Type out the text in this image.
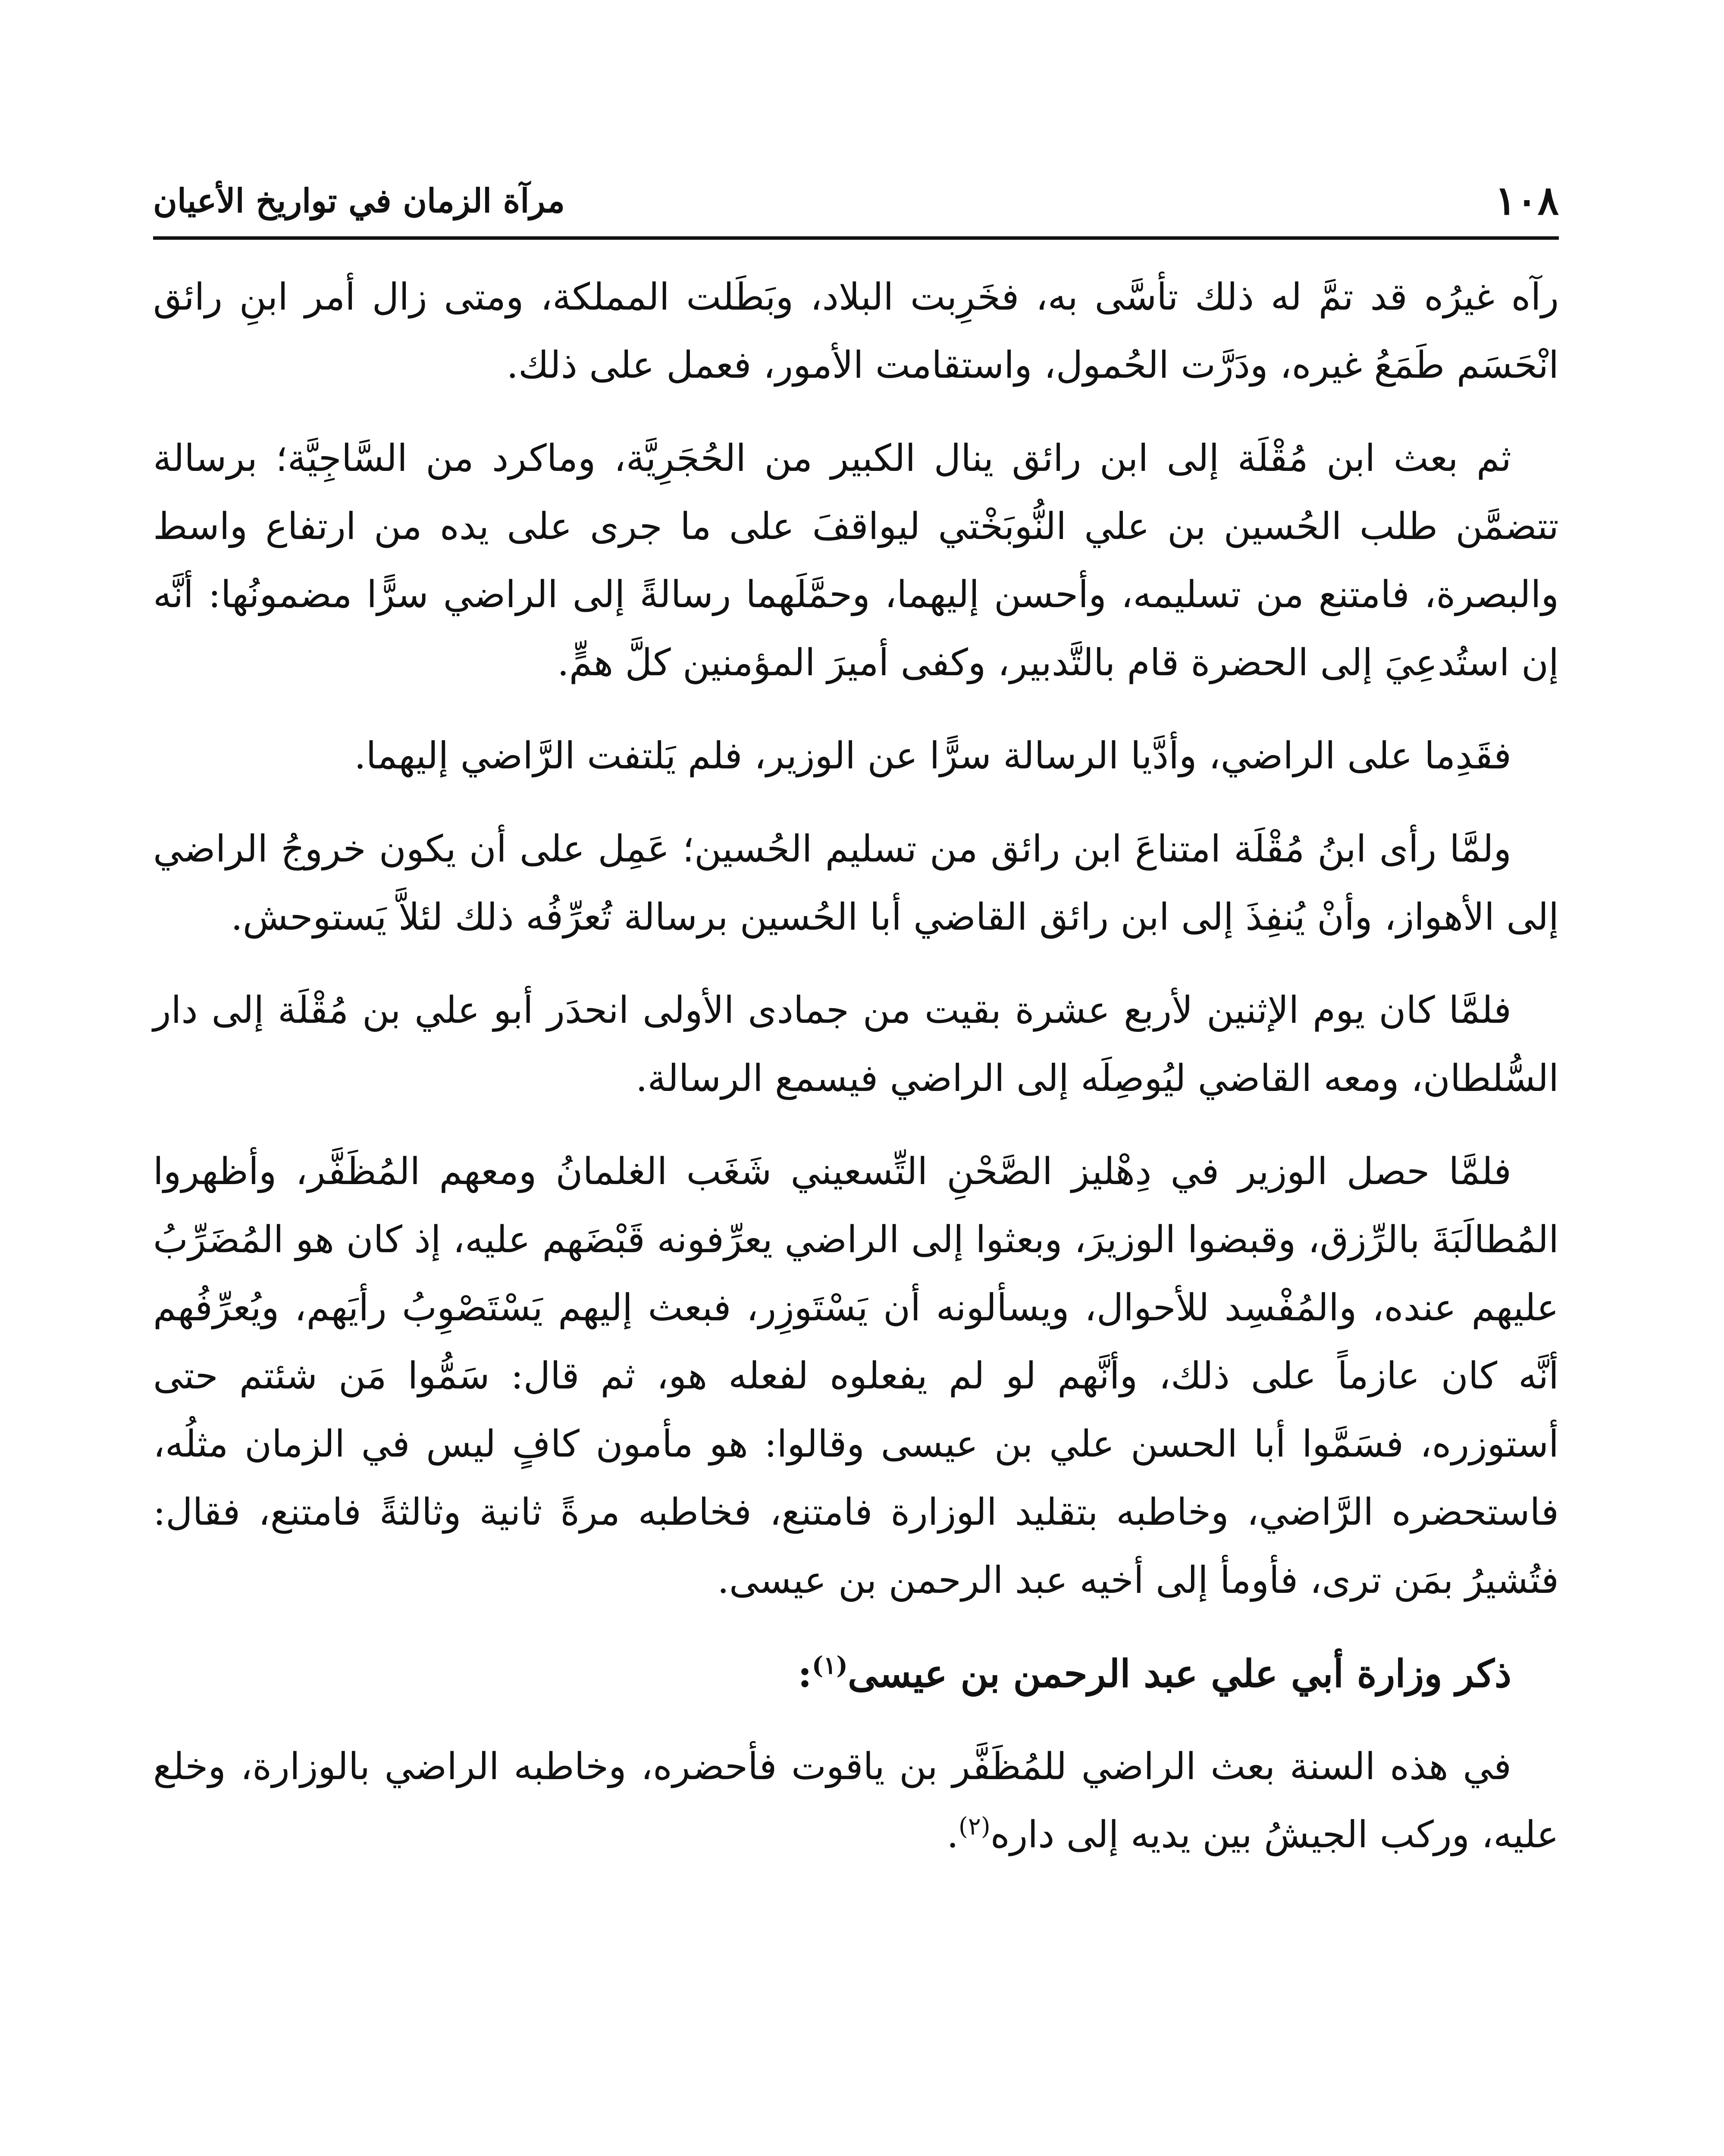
١٠٨
مرآة الزمان في تواريخ الأعيان

رآه غيرُه قد تمَّ له ذلك تأسَّى به، فخَرِبت البلاد، وبَطَلت المملكة، ومتى زال أمر ابنِ رائق انْحَسَم طَمَعُ غيره، ودَرَّت الحُمول، واستقامت الأمور، فعمل على ذلك.

ثم بعث ابن مُقْلَة إلى ابن رائق ينال الكبير من الحُجَرِيَّة، وماكرد من السَّاجِيَّة؛ برسالة تتضمَّن طلب الحُسين بن علي النُّوبَخْتي ليواقفَ على ما جرى على يده من ارتفاع واسط والبصرة، فامتنع من تسليمه، وأحسن إليهما، وحمَّلَهما رسالةً إلى الراضي سرًّا مضمونُها: أنَّه إن استُدعِيَ إلى الحضرة قام بالتَّدبير، وكفى أميرَ المؤمنين كلَّ همٍّ.

فقَدِما على الراضي، وأدَّيا الرسالة سرًّا عن الوزير، فلم يَلتفت الرَّاضي إليهما.

ولمَّا رأى ابنُ مُقْلَة امتناعَ ابن رائق من تسليم الحُسين؛ عَمِل على أن يكون خروجُ الراضي إلى الأهواز، وأنْ يُنفِذَ إلى ابن رائق القاضي أبا الحُسين برسالة تُعرِّفُه ذلك لئلاَّ يَستوحش.

فلمَّا كان يوم الإثنين لأربع عشرة بقيت من جمادى الأولى انحدَر أبو علي بن مُقْلَة إلى دار السُّلطان، ومعه القاضي ليُوصِلَه إلى الراضي فيسمع الرسالة.

فلمَّا حصل الوزير في دِهْليز الصَّحْنِ التِّسعيني شَغَب الغلمانُ ومعهم المُظَفَّر، وأظهروا المُطالَبَةَ بالرِّزق، وقبضوا الوزيرَ، وبعثوا إلى الراضي يعرِّفونه قَبْضَهم عليه، إذ كان هو المُضَرِّبُ عليهم عنده، والمُفْسِد للأحوال، ويسألونه أن يَسْتَوزِر، فبعث إليهم يَسْتَصْوِبُ رأيَهم، ويُعرِّفُهم أنَّه كان عازماً على ذلك، وأنَّهم لو لم يفعلوه لفعله هو، ثم قال: سَمُّوا مَن شئتم حتى أستوزره، فسَمَّوا أبا الحسن علي بن عيسى وقالوا: هو مأمون كافٍ ليس في الزمان مثلُه، فاستحضره الرَّاضي، وخاطبه بتقليد الوزارة فامتنع، فخاطبه مرةً ثانية وثالثةً فامتنع، فقال: فتُشيرُ بمَن ترى، فأومأ إلى أخيه عبد الرحمن بن عيسى.

ذكر وزارة أبي علي عبد الرحمن بن عيسى$^{(١)}$:

في هذه السنة بعث الراضي للمُظَفَّر بن ياقوت فأحضره، وخاطبه الراضي بالوزارة، وخلع عليه، وركب الجيشُ بين يديه إلى داره$^{(٢)}$.
